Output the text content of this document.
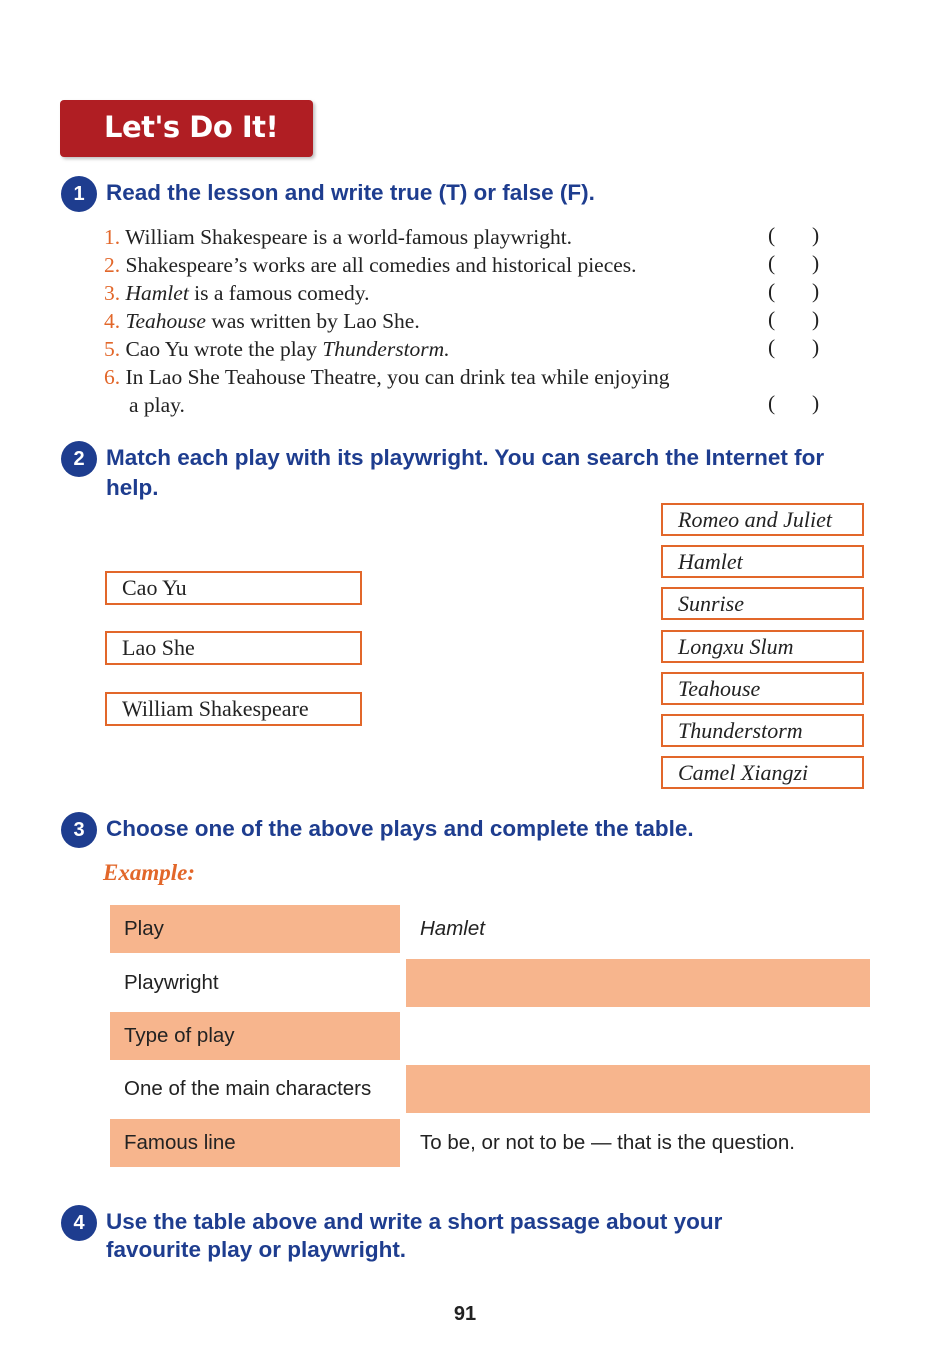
Let's Do It!
1 Read the lesson and write true (T) or false (F).
1. William Shakespeare is a world-famous playwright.
2. Shakespeare’s works are all comedies and historical pieces.
3. Hamlet is a famous comedy.
4. Teahouse was written by Lao She.
5. Cao Yu wrote the play Thunderstorm.
6. In Lao She Teahouse Theatre, you can drink tea while enjoying
a play.
( )
( )
( )
( )
( )
( )
2 Match each play with its playwright. You can search the Internet for
help.
Cao Yu
Lao She
William Shakespeare
Romeo and Juliet
Hamlet
Sunrise
Longxu Slum
Teahouse
Thunderstorm
Camel Xiangzi
3 Choose one of the above plays and complete the table.
Example:
Play	Hamlet
Playwright
Type of play
One of the main characters
Famous line	To be, or not to be — that is the question.
4 Use the table above and write a short passage about your
favourite play or playwright.
91
